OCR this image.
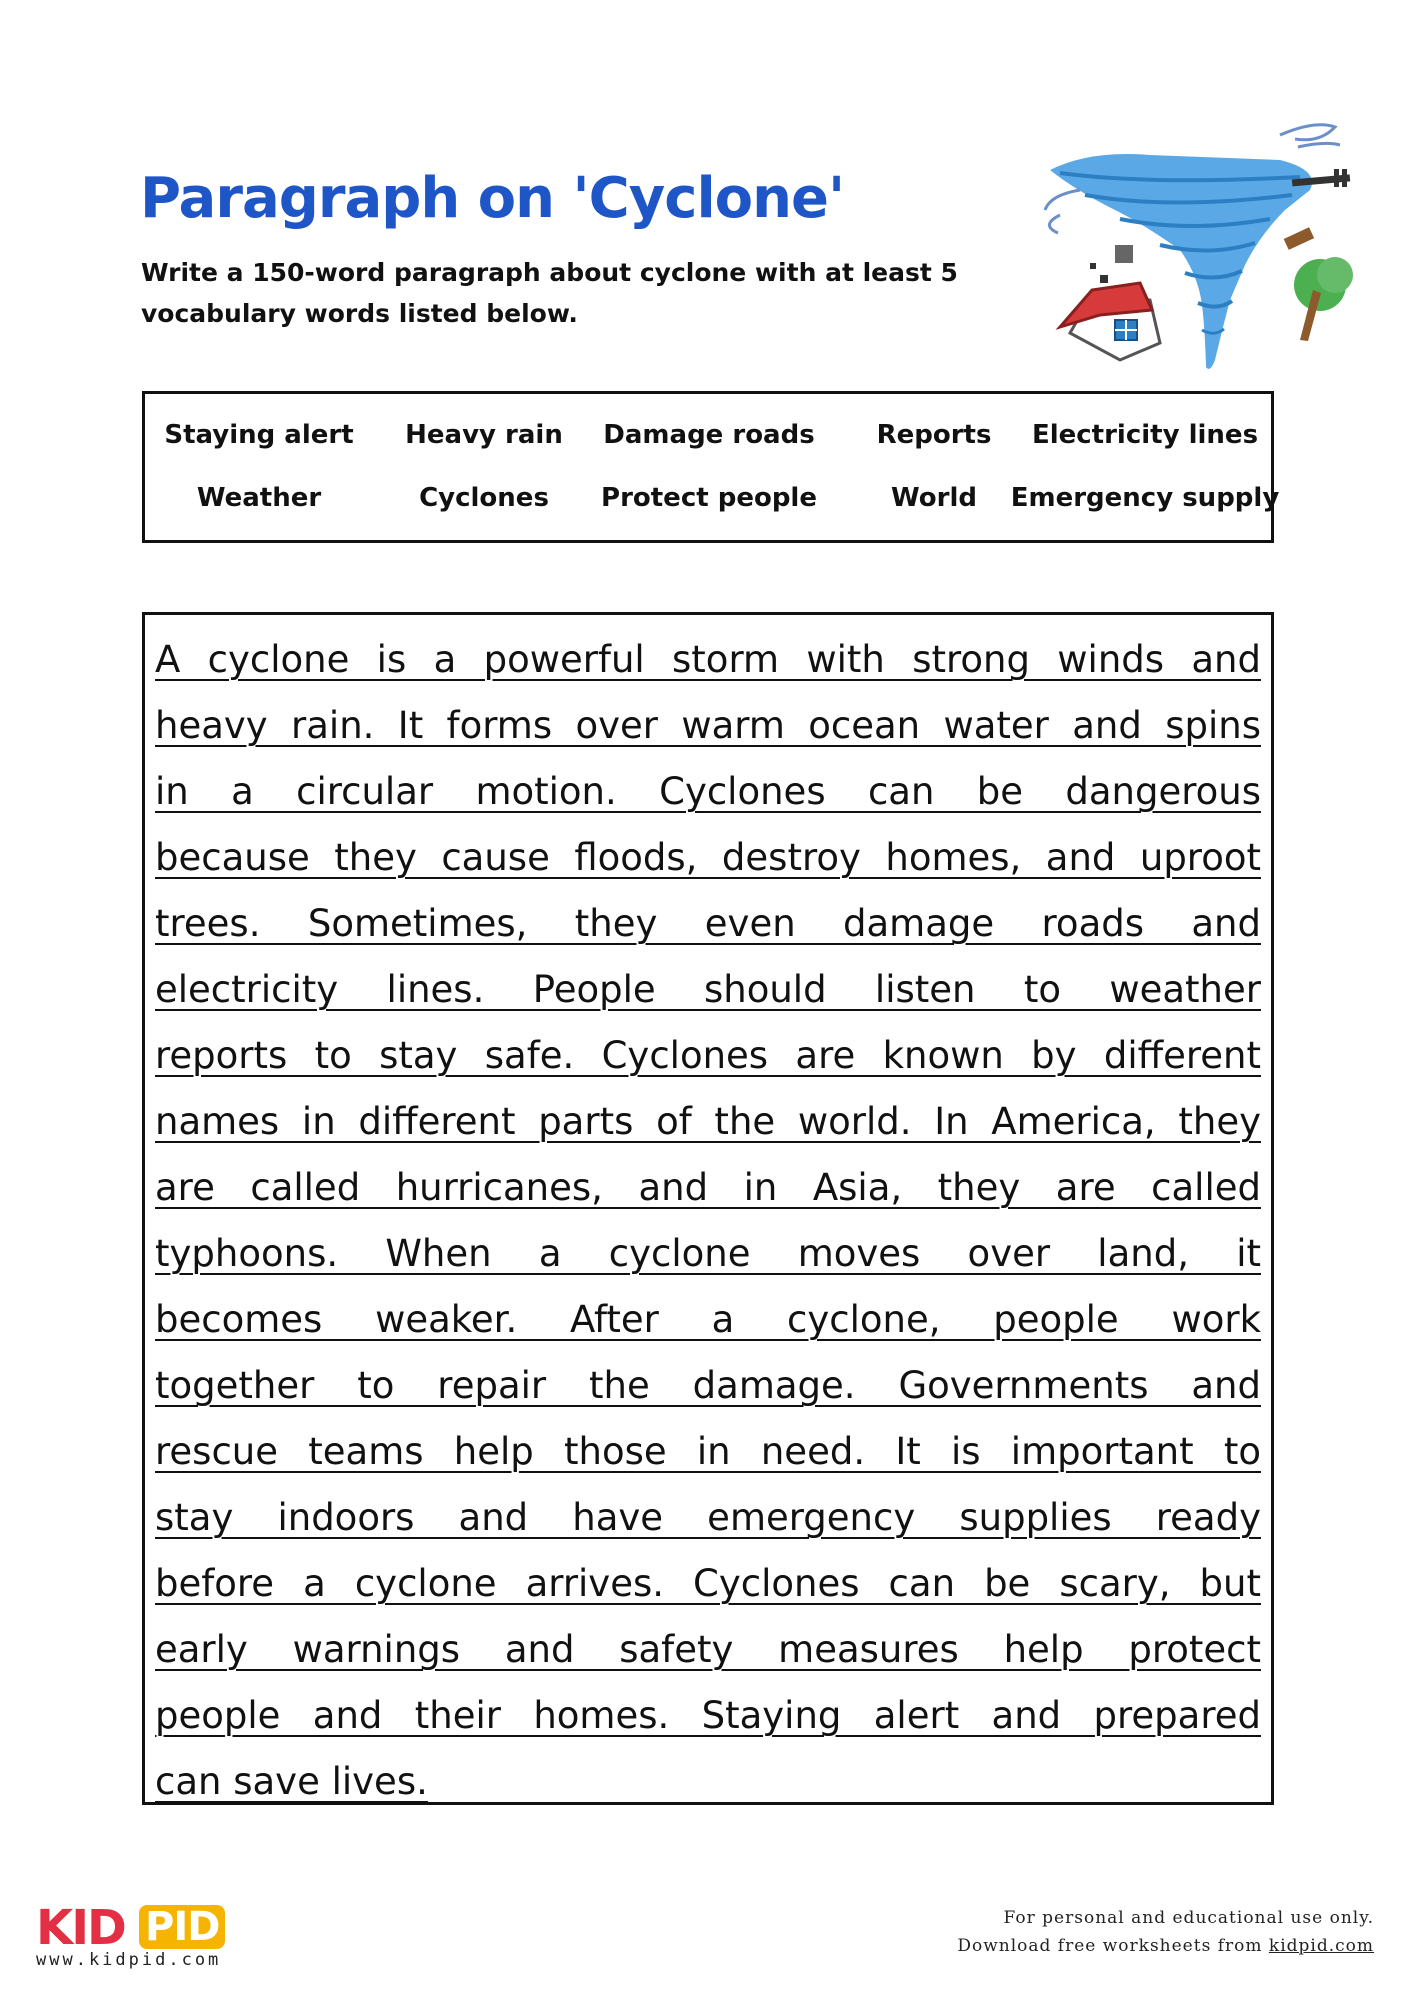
Paragraph on 'Cyclone'

Write a 150-word paragraph about cyclone with at least 5 vocabulary words listed below.

Staying alert Heavy rain Damage roads Reports Electricity lines
Weather	Cyclones Protect people	World Emergency supply

A cyclone is a powerful storm with strong winds and

heavy rain. It forms over warm ocean water and spins

in a circular motion. Cyclones can be dangerous

because they cause floods, destroy homes, and uproot

trees. Sometimes, they even damage roads and

electricity lines. People should listen to weather

reports to stay safe. Cyclones are known by different

names in different parts of the world. In America, they

are called hurricanes, and in Asia, they are called

typhoons. When a cyclone moves over land, it

becomes weaker. After a cyclone, people work

together to repair the damage. Governments and

rescue teams help those in need. It is important to

stay indoors and have emergency supplies ready

before a cyclone arrives. Cyclones can be scary, but

early warnings and safety measures help protect

people and their homes. Staying alert and prepared

can save lives.

KID PID
www.kidpid.com
For personal and educational use only.
Download free worksheets from kidpid.com
